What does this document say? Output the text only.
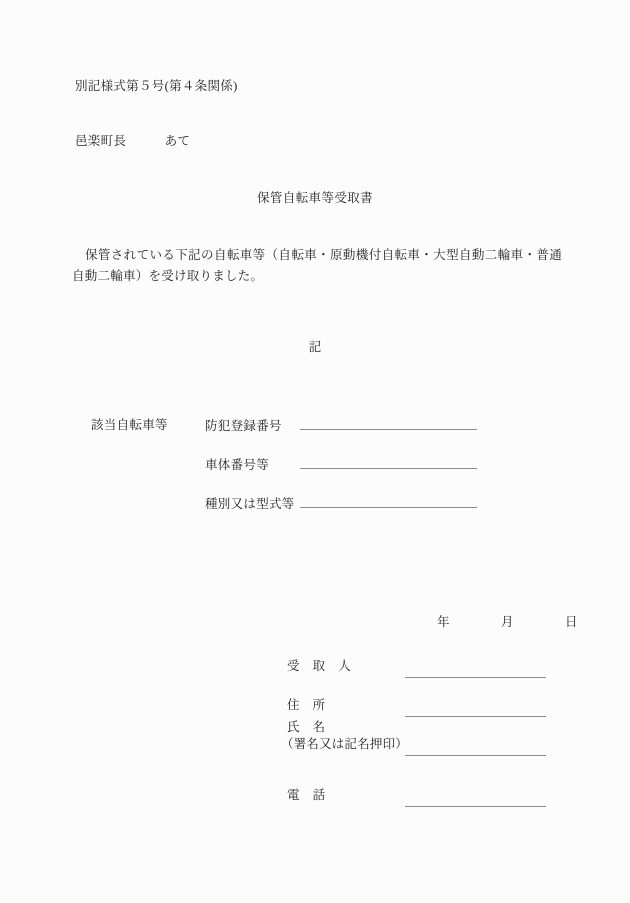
別記様式第５号(第４条関係)
邑楽町長　　　あて
保管自転車等受取書
保管されている下記の自転車等（自転車・原動機付自転車・大型自動二輪車・普通自動二輪車）を受け取りました。
記
該当自転車等	防犯登録番号
車体番号等
種別又は型式等
年　　　　月　　　　日
受　取　人
住　所
氏　名
（署名又は記名押印）
電　話
